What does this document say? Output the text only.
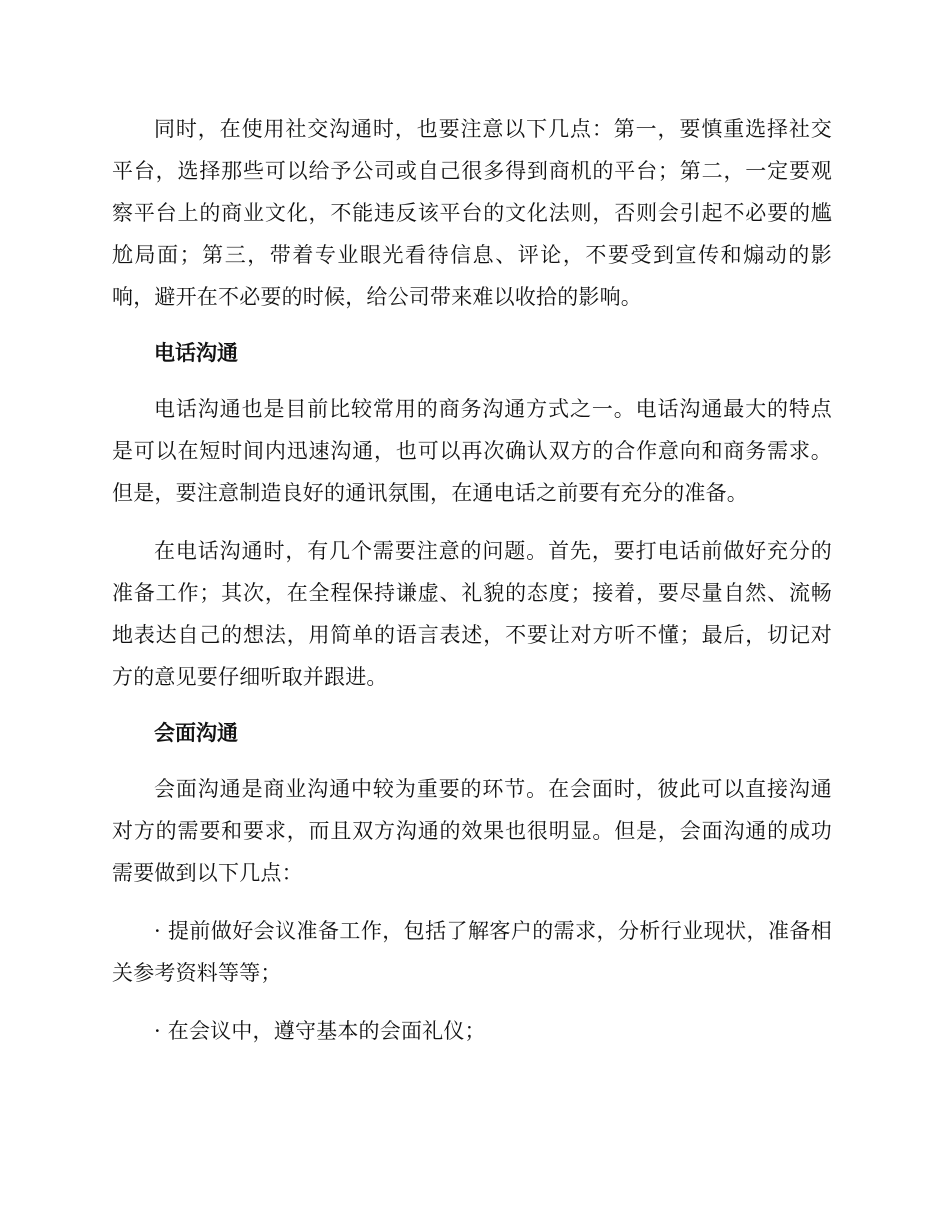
同时，在使用社交沟通时，也要注意以下几点：第一，要慎重选择社交平台，选择那些可以给予公司或自己很多得到商机的平台；第二，一定要观察平台上的商业文化，不能违反该平台的文化法则，否则会引起不必要的尴尬局面；第三，带着专业眼光看待信息、评论，不要受到宣传和煽动的影响，避开在不必要的时候，给公司带来难以收拾的影响。

电话沟通

电话沟通也是目前比较常用的商务沟通方式之一。电话沟通最大的特点是可以在短时间内迅速沟通，也可以再次确认双方的合作意向和商务需求。但是，要注意制造良好的通讯氛围，在通电话之前要有充分的准备。

在电话沟通时，有几个需要注意的问题。首先，要打电话前做好充分的准备工作；其次，在全程保持谦虚、礼貌的态度；接着，要尽量自然、流畅地表达自己的想法，用简单的语言表述，不要让对方听不懂；最后，切记对方的意见要仔细听取并跟进。

会面沟通

会面沟通是商业沟通中较为重要的环节。在会面时，彼此可以直接沟通对方的需要和要求，而且双方沟通的效果也很明显。但是，会面沟通的成功需要做到以下几点：

· 提前做好会议准备工作，包括了解客户的需求，分析行业现状，准备相关参考资料等等；

· 在会议中，遵守基本的会面礼仪；
